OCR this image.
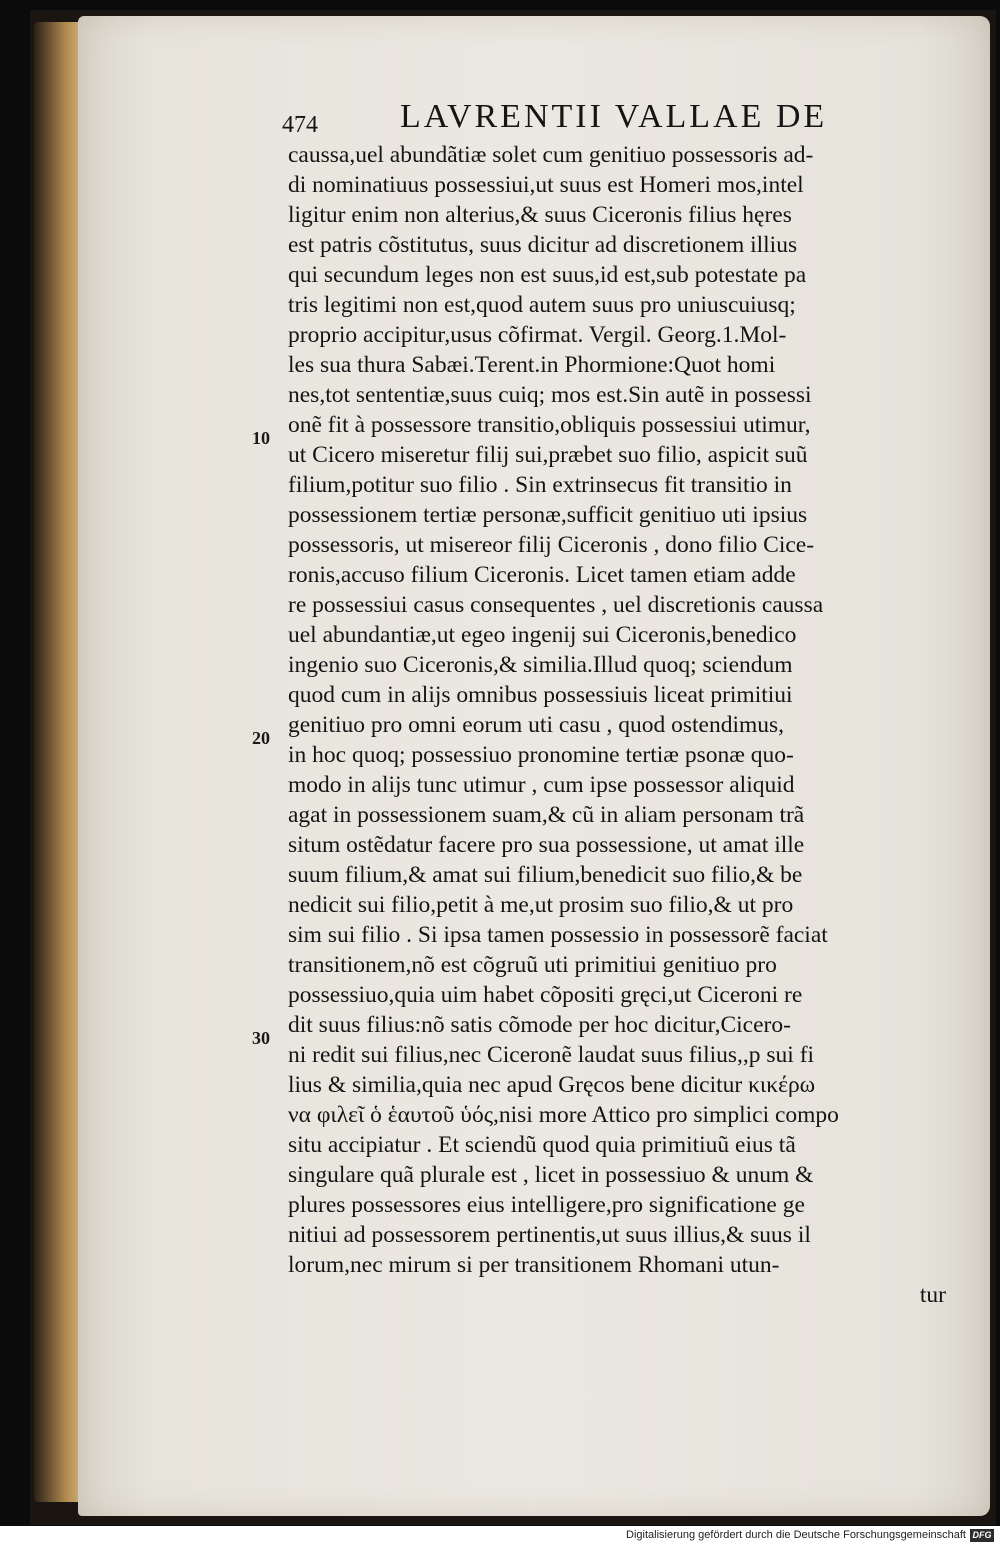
474 LAVRENTII VALLAE DE
10
20
30
caussa,uel abundãtiæ solet cum genitiuo possessoris ad-
di nominatiuus possessiui,ut suus est Homeri mos,intel
ligitur enim non alterius,& suus Ciceronis filius hęres
est patris cõstitutus, suus dicitur ad discretionem illius
qui secundum leges non est suus,id est,sub potestate pa
tris legitimi non est,quod autem suus pro uniuscuiusq;
proprio accipitur,usus cõfirmat. Vergil. Georg.1.Mol-
les sua thura Sabæi.Terent.in Phormione:Quot homi
nes,tot sententiæ,suus cuiq; mos est.Sin autẽ in possessi
onẽ fit à possessore transitio,obliquis possessiui utimur,
ut Cicero miseretur filij sui,præbet suo filio, aspicit suũ
filium,potitur suo filio . Sin extrinsecus fit transitio in
possessionem tertiæ personæ,sufficit genitiuo uti ipsius
possessoris, ut misereor filij Ciceronis , dono filio Cice-
ronis,accuso filium Ciceronis. Licet tamen etiam adde
re possessiui casus consequentes , uel discretionis caussa
uel abundantiæ,ut egeo ingenij sui Ciceronis,benedico
ingenio suo Ciceronis,& similia.Illud quoq; sciendum
quod cum in alijs omnibus possessiuis liceat primitiui
genitiuo pro omni eorum uti casu , quod ostendimus,
in hoc quoq; possessiuo pronomine tertiæ psonæ quo-
modo in alijs tunc utimur , cum ipse possessor aliquid
agat in possessionem suam,& cũ in aliam personam trã
situm ostẽdatur facere pro sua possessione, ut amat ille
suum filium,& amat sui filium,benedicit suo filio,& be
nedicit sui filio,petit à me,ut prosim suo filio,& ut pro
sim sui filio . Si ipsa tamen possessio in possessorẽ faciat
transitionem,nõ est cõgruũ uti primitiui genitiuo pro
possessiuo,quia uim habet cõpositi gręci,ut Ciceroni re
dit suus filius:nõ satis cõmode per hoc dicitur,Cicero-
ni redit sui filius,nec Ciceronẽ laudat suus filius,,p sui fi
lius & similia,quia nec apud Gręcos bene dicitur κικέρω
να φιλεῖ ὁ ἑαυτοῦ ὑός,nisi more Attico pro simplici compo
situ accipiatur . Et sciendũ quod quia primitiuũ eius tã
singulare quã plurale est , licet in possessiuo & unum &
plures possessores eius intelligere,pro significatione ge
nitiui ad possessorem pertinentis,ut suus illius,& suus il
lorum,nec mirum si per transitionem Rhomani utun-
tur
Digitalisierung gefördert durch die Deutsche Forschungsgemeinschaft DFG
